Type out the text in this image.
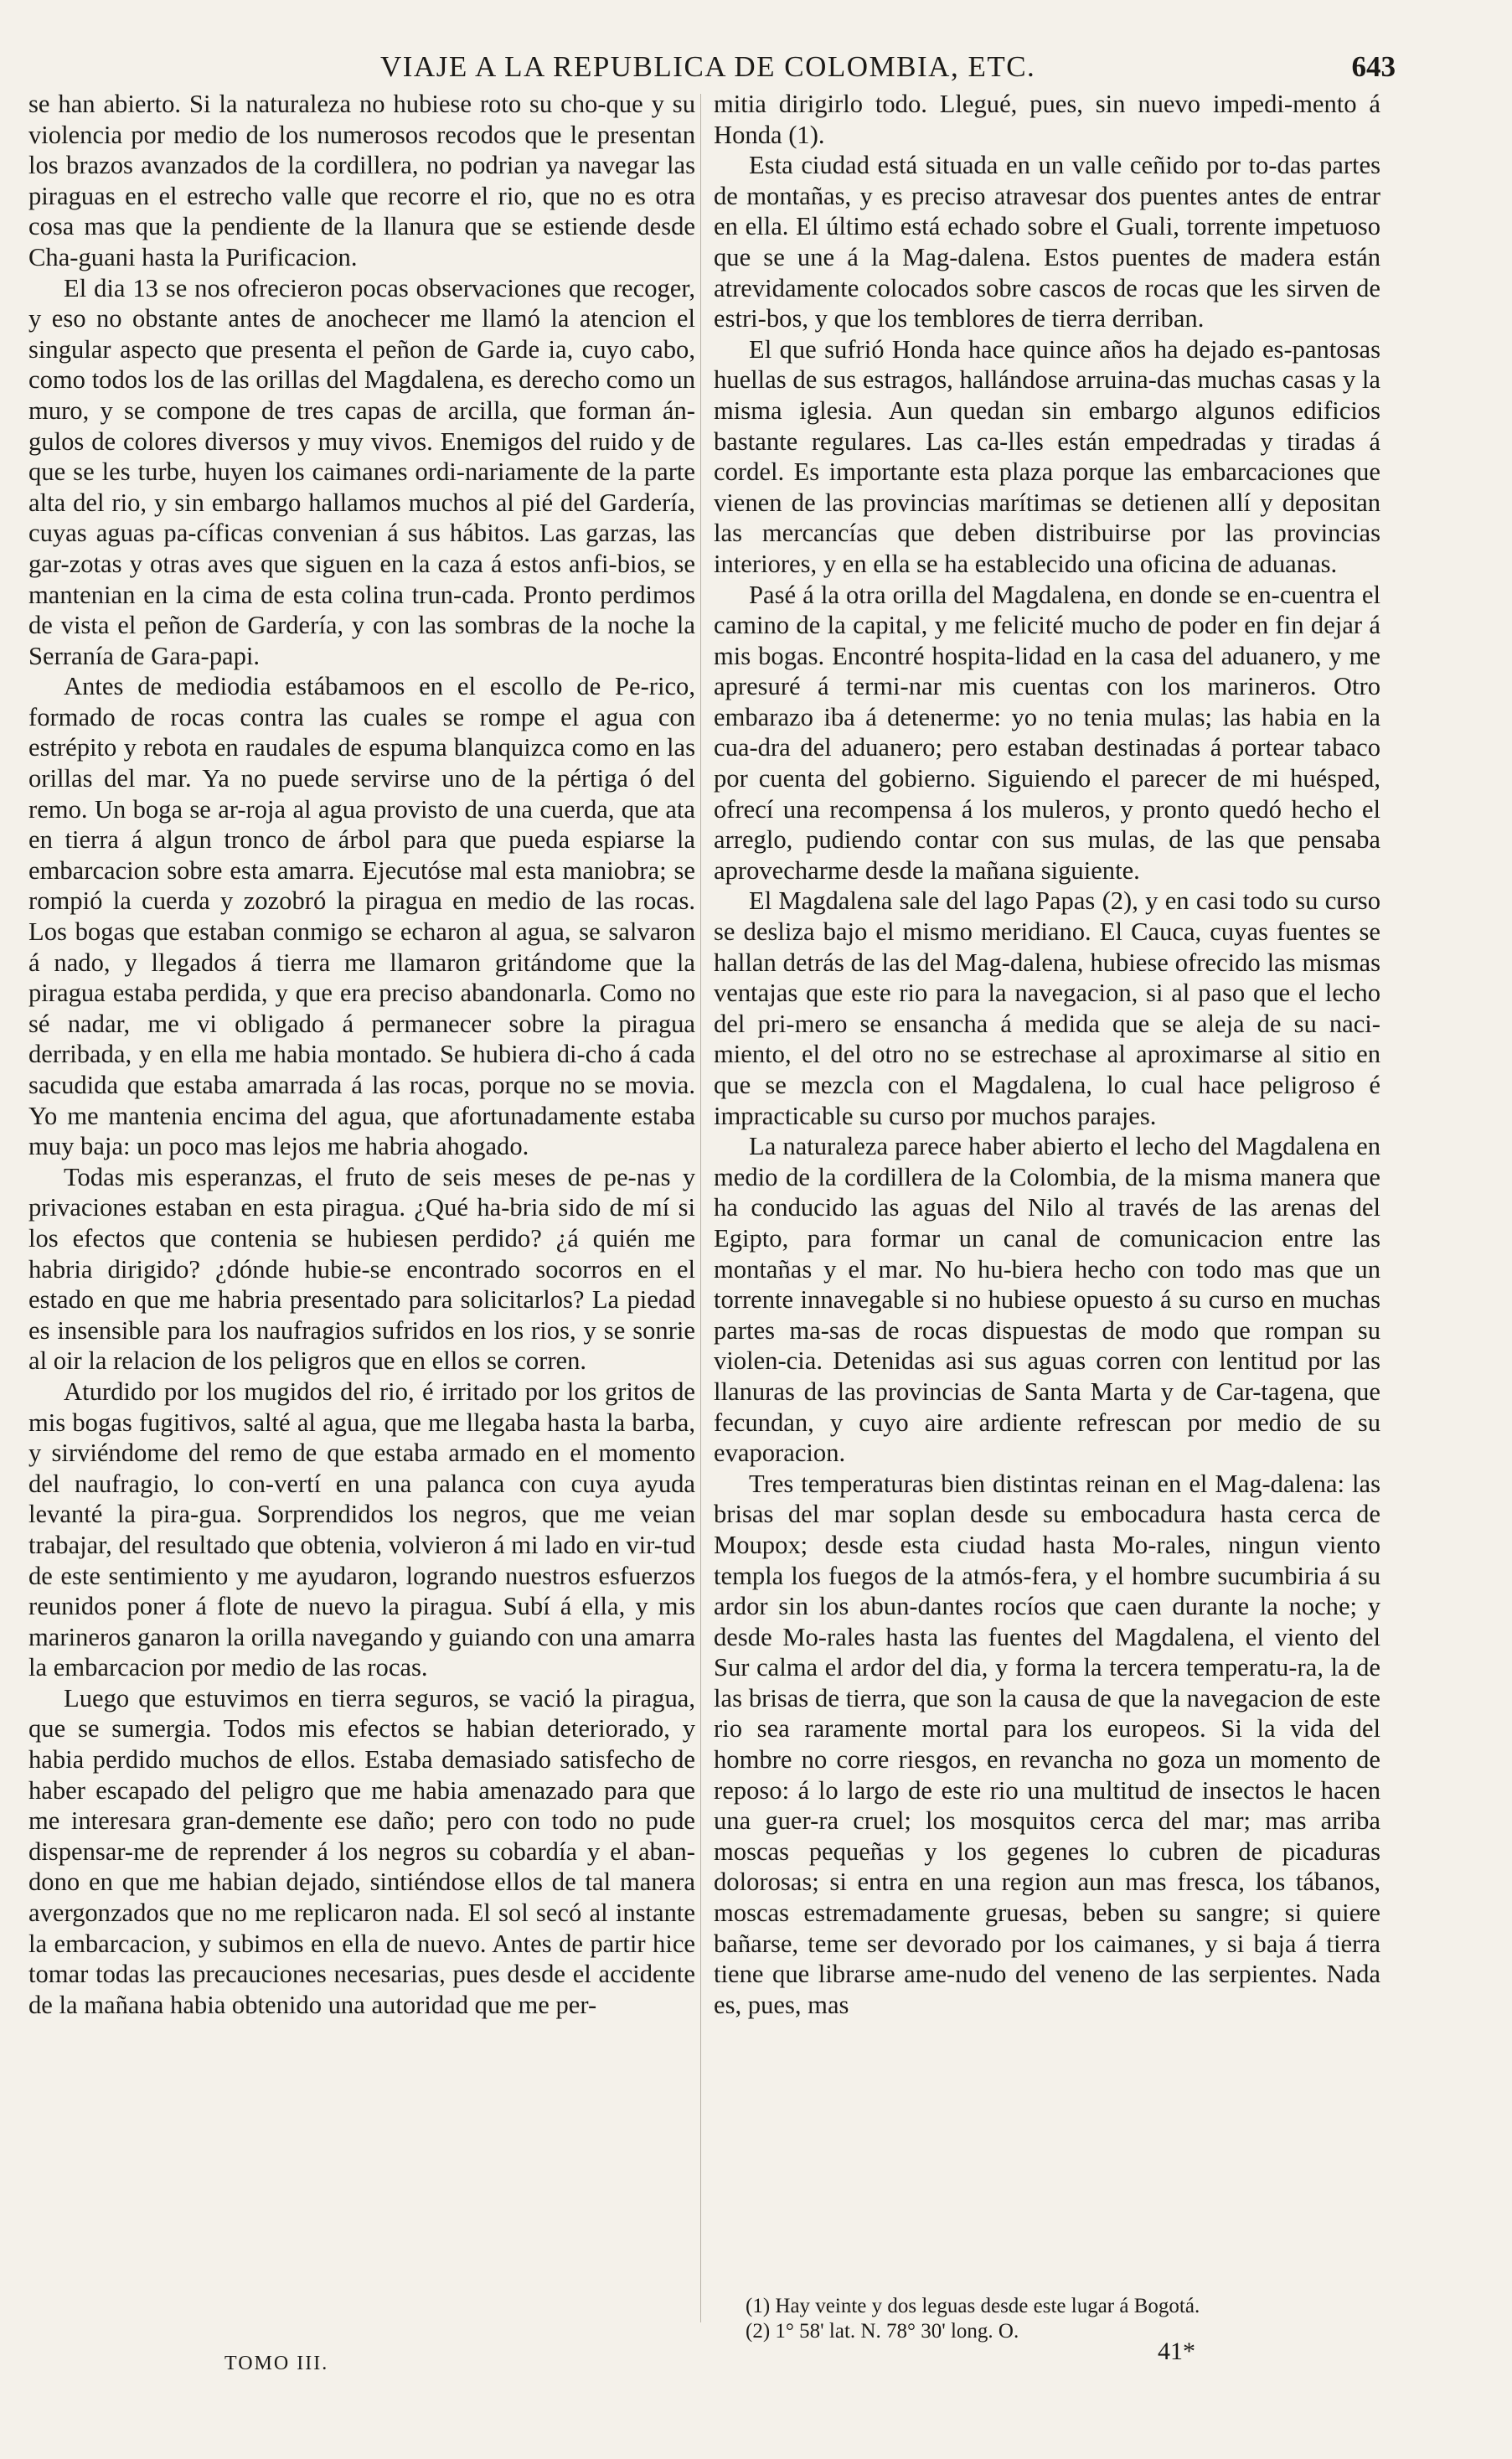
VIAJE A LA REPUBLICA DE COLOMBIA, ETC.	643

se han abierto. Si la naturaleza no hubiese roto su cho-que y su violencia por medio de los numerosos recodos que le presentan los brazos avanzados de la cordillera, no podrian ya navegar las piraguas en el estrecho valle que recorre el rio, que no es otra cosa mas que la pendiente de la llanura que se estiende desde Cha-guani hasta la Purificacion.

El dia 13 se nos ofrecieron pocas observaciones que recoger, y eso no obstante antes de anochecer me llamó la atencion el singular aspecto que presenta el peñon de Garde ia, cuyo cabo, como todos los de las orillas del Magdalena, es derecho como un muro, y se compone de tres capas de arcilla, que forman án-gulos de colores diversos y muy vivos. Enemigos del ruido y de que se les turbe, huyen los caimanes ordi-nariamente de la parte alta del rio, y sin embargo hallamos muchos al pié del Gardería, cuyas aguas pa-cíficas convenian á sus hábitos. Las garzas, las gar-zotas y otras aves que siguen en la caza á estos anfi-bios, se mantenian en la cima de esta colina trun-cada. Pronto perdimos de vista el peñon de Gardería, y con las sombras de la noche la Serranía de Gara-papi.

Antes de mediodia estábamoos en el escollo de Pe-rico, formado de rocas contra las cuales se rompe el agua con estrépito y rebota en raudales de espuma blanquizca como en las orillas del mar. Ya no puede servirse uno de la pértiga ó del remo. Un boga se ar-roja al agua provisto de una cuerda, que ata en tierra á algun tronco de árbol para que pueda espiarse la embarcacion sobre esta amarra. Ejecutóse mal esta maniobra; se rompió la cuerda y zozobró la piragua en medio de las rocas. Los bogas que estaban conmigo se echaron al agua, se salvaron á nado, y llegados á tierra me llamaron gritándome que la piragua estaba perdida, y que era preciso abandonarla. Como no sé nadar, me vi obligado á permanecer sobre la piragua derribada, y en ella me habia montado. Se hubiera di-cho á cada sacudida que estaba amarrada á las rocas, porque no se movia. Yo me mantenia encima del agua, que afortunadamente estaba muy baja: un poco mas lejos me habria ahogado.

Todas mis esperanzas, el fruto de seis meses de pe-nas y privaciones estaban en esta piragua. ¿Qué ha-bria sido de mí si los efectos que contenia se hubiesen perdido? ¿á quién me habria dirigido? ¿dónde hubie-se encontrado socorros en el estado en que me habria presentado para solicitarlos? La piedad es insensible para los naufragios sufridos en los rios, y se sonrie al oir la relacion de los peligros que en ellos se corren.

Aturdido por los mugidos del rio, é irritado por los gritos de mis bogas fugitivos, salté al agua, que me llegaba hasta la barba, y sirviéndome del remo de que estaba armado en el momento del naufragio, lo con-vertí en una palanca con cuya ayuda levanté la pira-gua. Sorprendidos los negros, que me veian trabajar, del resultado que obtenia, volvieron á mi lado en vir-tud de este sentimiento y me ayudaron, logrando nuestros esfuerzos reunidos poner á flote de nuevo la piragua. Subí á ella, y mis marineros ganaron la orilla navegando y guiando con una amarra la embarcacion por medio de las rocas.

Luego que estuvimos en tierra seguros, se vació la piragua, que se sumergia. Todos mis efectos se habian deteriorado, y habia perdido muchos de ellos. Estaba demasiado satisfecho de haber escapado del peligro que me habia amenazado para que me interesara gran-demente ese daño; pero con todo no pude dispensar-me de reprender á los negros su cobardía y el aban-dono en que me habian dejado, sintiéndose ellos de tal manera avergonzados que no me replicaron nada. El sol secó al instante la embarcacion, y subimos en ella de nuevo. Antes de partir hice tomar todas las precauciones necesarias, pues desde el accidente de la mañana habia obtenido una autoridad que me per-

mitia dirigirlo todo. Llegué, pues, sin nuevo impedi-mento á Honda (1).

Esta ciudad está situada en un valle ceñido por to-das partes de montañas, y es preciso atravesar dos puentes antes de entrar en ella. El último está echado sobre el Guali, torrente impetuoso que se une á la Mag-dalena. Estos puentes de madera están atrevidamente colocados sobre cascos de rocas que les sirven de estri-bos, y que los temblores de tierra derriban.

El que sufrió Honda hace quince años ha dejado es-pantosas huellas de sus estragos, hallándose arruina-das muchas casas y la misma iglesia. Aun quedan sin embargo algunos edificios bastante regulares. Las ca-lles están empedradas y tiradas á cordel. Es importante esta plaza porque las embarcaciones que vienen de las provincias marítimas se detienen allí y depositan las mercancías que deben distribuirse por las provincias interiores, y en ella se ha establecido una oficina de aduanas.

Pasé á la otra orilla del Magdalena, en donde se en-cuentra el camino de la capital, y me felicité mucho de poder en fin dejar á mis bogas. Encontré hospita-lidad en la casa del aduanero, y me apresuré á termi-nar mis cuentas con los marineros. Otro embarazo iba á detenerme: yo no tenia mulas; las habia en la cua-dra del aduanero; pero estaban destinadas á portear tabaco por cuenta del gobierno. Siguiendo el parecer de mi huésped, ofrecí una recompensa á los muleros, y pronto quedó hecho el arreglo, pudiendo contar con sus mulas, de las que pensaba aprovecharme desde la mañana siguiente.

El Magdalena sale del lago Papas (2), y en casi todo su curso se desliza bajo el mismo meridiano. El Cauca, cuyas fuentes se hallan detrás de las del Mag-dalena, hubiese ofrecido las mismas ventajas que este rio para la navegacion, si al paso que el lecho del pri-mero se ensancha á medida que se aleja de su naci-miento, el del otro no se estrechase al aproximarse al sitio en que se mezcla con el Magdalena, lo cual hace peligroso é impracticable su curso por muchos parajes.

La naturaleza parece haber abierto el lecho del Magdalena en medio de la cordillera de la Colombia, de la misma manera que ha conducido las aguas del Nilo al través de las arenas del Egipto, para formar un canal de comunicacion entre las montañas y el mar. No hu-biera hecho con todo mas que un torrente innavegable si no hubiese opuesto á su curso en muchas partes ma-sas de rocas dispuestas de modo que rompan su violen-cia. Detenidas asi sus aguas corren con lentitud por las llanuras de las provincias de Santa Marta y de Car-tagena, que fecundan, y cuyo aire ardiente refrescan por medio de su evaporacion.

Tres temperaturas bien distintas reinan en el Mag-dalena: las brisas del mar soplan desde su embocadura hasta cerca de Moupox; desde esta ciudad hasta Mo-rales, ningun viento templa los fuegos de la atmós-fera, y el hombre sucumbiria á su ardor sin los abun-dantes rocíos que caen durante la noche; y desde Mo-rales hasta las fuentes del Magdalena, el viento del Sur calma el ardor del dia, y forma la tercera temperatu-ra, la de las brisas de tierra, que son la causa de que la navegacion de este rio sea raramente mortal para los europeos. Si la vida del hombre no corre riesgos, en revancha no goza un momento de reposo: á lo largo de este rio una multitud de insectos le hacen una guer-ra cruel; los mosquitos cerca del mar; mas arriba moscas pequeñas y los gegenes lo cubren de picaduras dolorosas; si entra en una region aun mas fresca, los tábanos, moscas estremadamente gruesas, beben su sangre; si quiere bañarse, teme ser devorado por los caimanes, y si baja á tierra tiene que librarse ame-nudo del veneno de las serpientes. Nada es, pues, mas

(1) Hay veinte y dos leguas desde este lugar á Bogotá.

(2) 1° 58' lat. N. 78° 30' long. O.

TOMO III.	41*
